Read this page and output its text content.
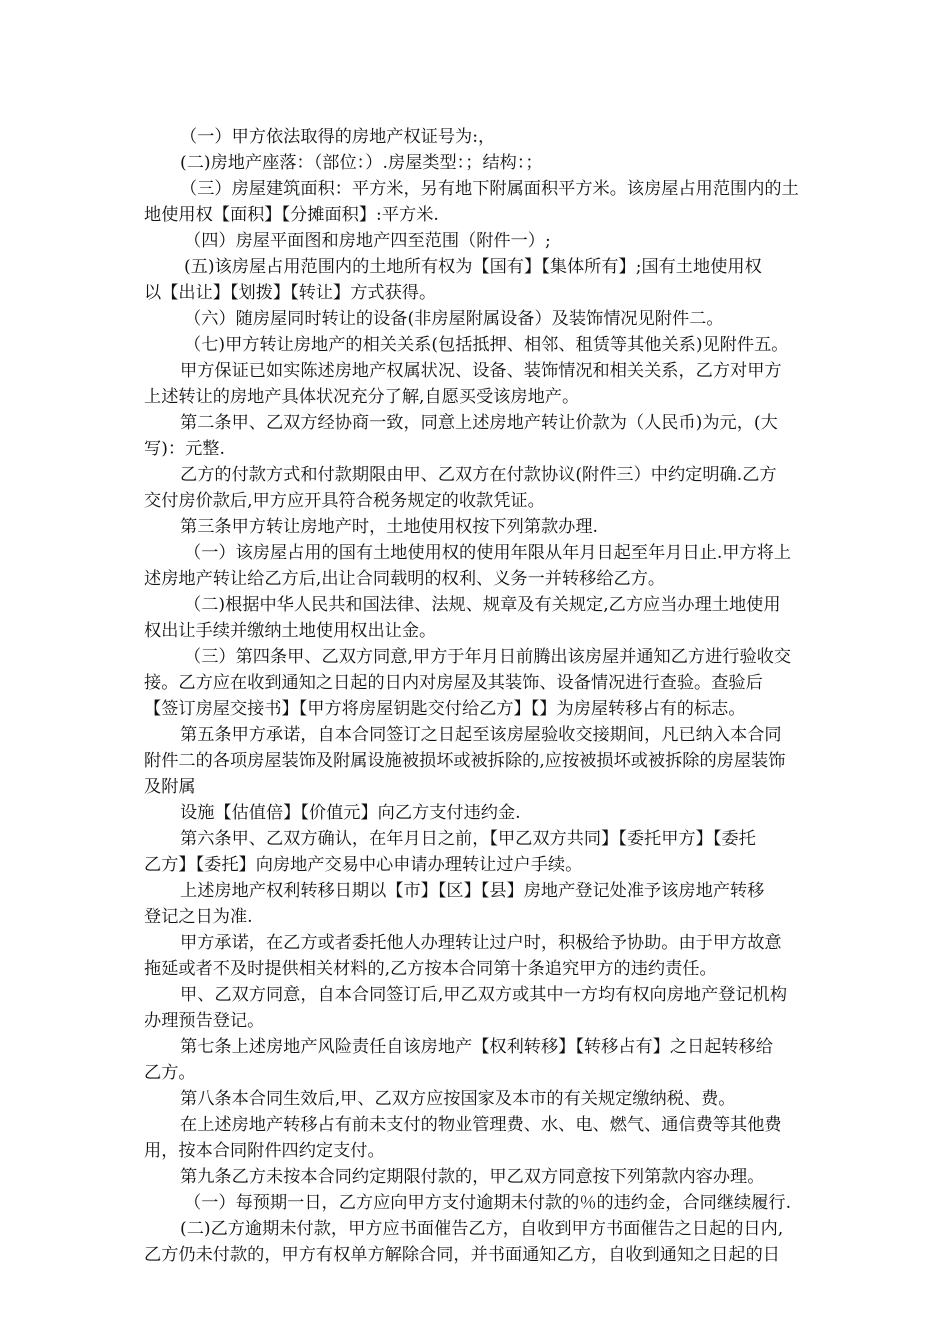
（一）甲方依法取得的房地产权证号为:，
(二)房地产座落：（部位：）.房屋类型：；结构：；
（三）房屋建筑面积：平方米，另有地下附属面积平方米。该房屋占用范围内的土
地使用权【面积】【分摊面积】:平方米.
（四）房屋平面图和房地产四至范围（附件一）;
(五)该房屋占用范围内的土地所有权为【国有】【集体所有】;国有土地使用权
以【出让】【划拨】【转让】方式获得。
（六）随房屋同时转让的设备(非房屋附属设备）及装饰情况见附件二。
（七)甲方转让房地产的相关关系(包括抵押、相邻、租赁等其他关系)见附件五。
甲方保证已如实陈述房地产权属状况、设备、装饰情况和相关关系，乙方对甲方
上述转让的房地产具体状况充分了解,自愿买受该房地产。
第二条甲、乙双方经协商一致，同意上述房地产转让价款为（人民币)为元，(大
写)：元整.
乙方的付款方式和付款期限由甲、乙双方在付款协议(附件三）中约定明确.乙方
交付房价款后,甲方应开具符合税务规定的收款凭证。
第三条甲方转让房地产时，土地使用权按下列第款办理.
（一）该房屋占用的国有土地使用权的使用年限从年月日起至年月日止.甲方将上
述房地产转让给乙方后,出让合同载明的权利、义务一并转移给乙方。
（二)根据中华人民共和国法律、法规、规章及有关规定,乙方应当办理土地使用
权出让手续并缴纳土地使用权出让金。
（三）第四条甲、乙双方同意,甲方于年月日前腾出该房屋并通知乙方进行验收交
接。乙方应在收到通知之日起的日内对房屋及其装饰、设备情况进行查验。查验后
【签订房屋交接书】【甲方将房屋钥匙交付给乙方】【】为房屋转移占有的标志。
第五条甲方承诺，自本合同签订之日起至该房屋验收交接期间，凡已纳入本合同
附件二的各项房屋装饰及附属设施被损坏或被拆除的,应按被损坏或被拆除的房屋装饰
及附属
设施【估值倍】【价值元】向乙方支付违约金.
第六条甲、乙双方确认，在年月日之前，【甲乙双方共同】【委托甲方】【委托
乙方】【委托】向房地产交易中心申请办理转让过户手续。
上述房地产权利转移日期以【市】【区】【县】房地产登记处准予该房地产转移
登记之日为准.
甲方承诺，在乙方或者委托他人办理转让过户时，积极给予协助。由于甲方故意
拖延或者不及时提供相关材料的,乙方按本合同第十条追究甲方的违约责任。
甲、乙双方同意，自本合同签订后,甲乙双方或其中一方均有权向房地产登记机构
办理预告登记。
第七条上述房地产风险责任自该房地产【权利转移】【转移占有】之日起转移给
乙方。
第八条本合同生效后,甲、乙双方应按国家及本市的有关规定缴纳税、费。
在上述房地产转移占有前未支付的物业管理费、水、电、燃气、通信费等其他费
用，按本合同附件四约定支付。
第九条乙方未按本合同约定期限付款的，甲乙双方同意按下列第款内容办理。
（一）每预期一日，乙方应向甲方支付逾期未付款的％的违约金，合同继续履行.
(二)乙方逾期未付款，甲方应书面催告乙方，自收到甲方书面催告之日起的日内,
乙方仍未付款的，甲方有权单方解除合同，并书面通知乙方，自收到通知之日起的日
